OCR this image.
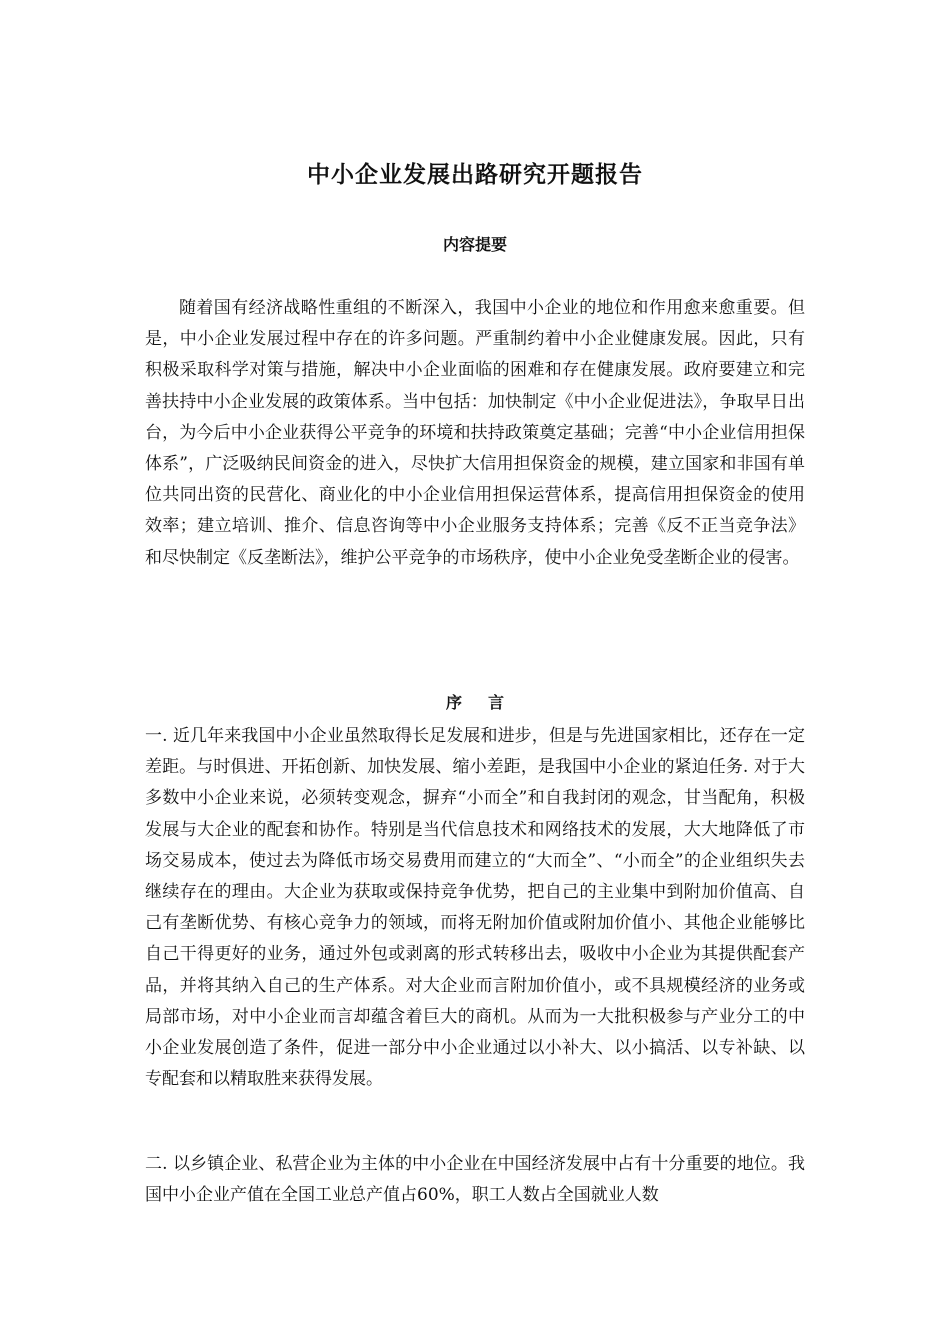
中小企业发展出路研究开题报告
内容提要

随着国有经济战略性重组的不断深入，我国中小企业的地位和作用愈来愈重要。但是，中小企业发展过程中存在的许多问题。严重制约着中小企业健康发展。因此，只有积极采取科学对策与措施，解决中小企业面临的困难和存在健康发展。政府要建立和完善扶持中小企业发展的政策体系。当中包括：加快制定《中小企业促进法》，争取早日出台，为今后中小企业获得公平竞争的环境和扶持政策奠定基础；完善“中小企业信用担保体系”，广泛吸纳民间资金的进入，尽快扩大信用担保资金的规模，建立国家和非国有单位共同出资的民营化、商业化的中小企业信用担保运营体系，提高信用担保资金的使用效率；建立培训、推介、信息咨询等中小企业服务支持体系；完善《反不正当竞争法》和尽快制定《反垄断法》，维护公平竞争的市场秩序，使中小企业免受垄断企业的侵害。

序言

一. 近几年来我国中小企业虽然取得长足发展和进步，但是与先进国家相比，还存在一定差距。与时俱进、开拓创新、加快发展、缩小差距，是我国中小企业的紧迫任务. 对于大多数中小企业来说，必须转变观念，摒弃“小而全”和自我封闭的观念，甘当配角，积极发展与大企业的配套和协作。特别是当代信息技术和网络技术的发展，大大地降低了市场交易成本，使过去为降低市场交易费用而建立的“大而全”、“小而全”的企业组织失去继续存在的理由。大企业为获取或保持竞争优势，把自己的主业集中到附加价值高、自己有垄断优势、有核心竞争力的领域，而将无附加价值或附加价值小、其他企业能够比自己干得更好的业务，通过外包或剥离的形式转移出去，吸收中小企业为其提供配套产品，并将其纳入自己的生产体系。对大企业而言附加价值小，或不具规模经济的业务或局部市场，对中小企业而言却蕴含着巨大的商机。从而为一大批积极参与产业分工的中小企业发展创造了条件，促进一部分中小企业通过以小补大、以小搞活、以专补缺、以专配套和以精取胜来获得发展。

二. 以乡镇企业、私营企业为主体的中小企业在中国经济发展中占有十分重要的地位。我国中小企业产值在全国工业总产值占60%，职工人数占全国就业人数
